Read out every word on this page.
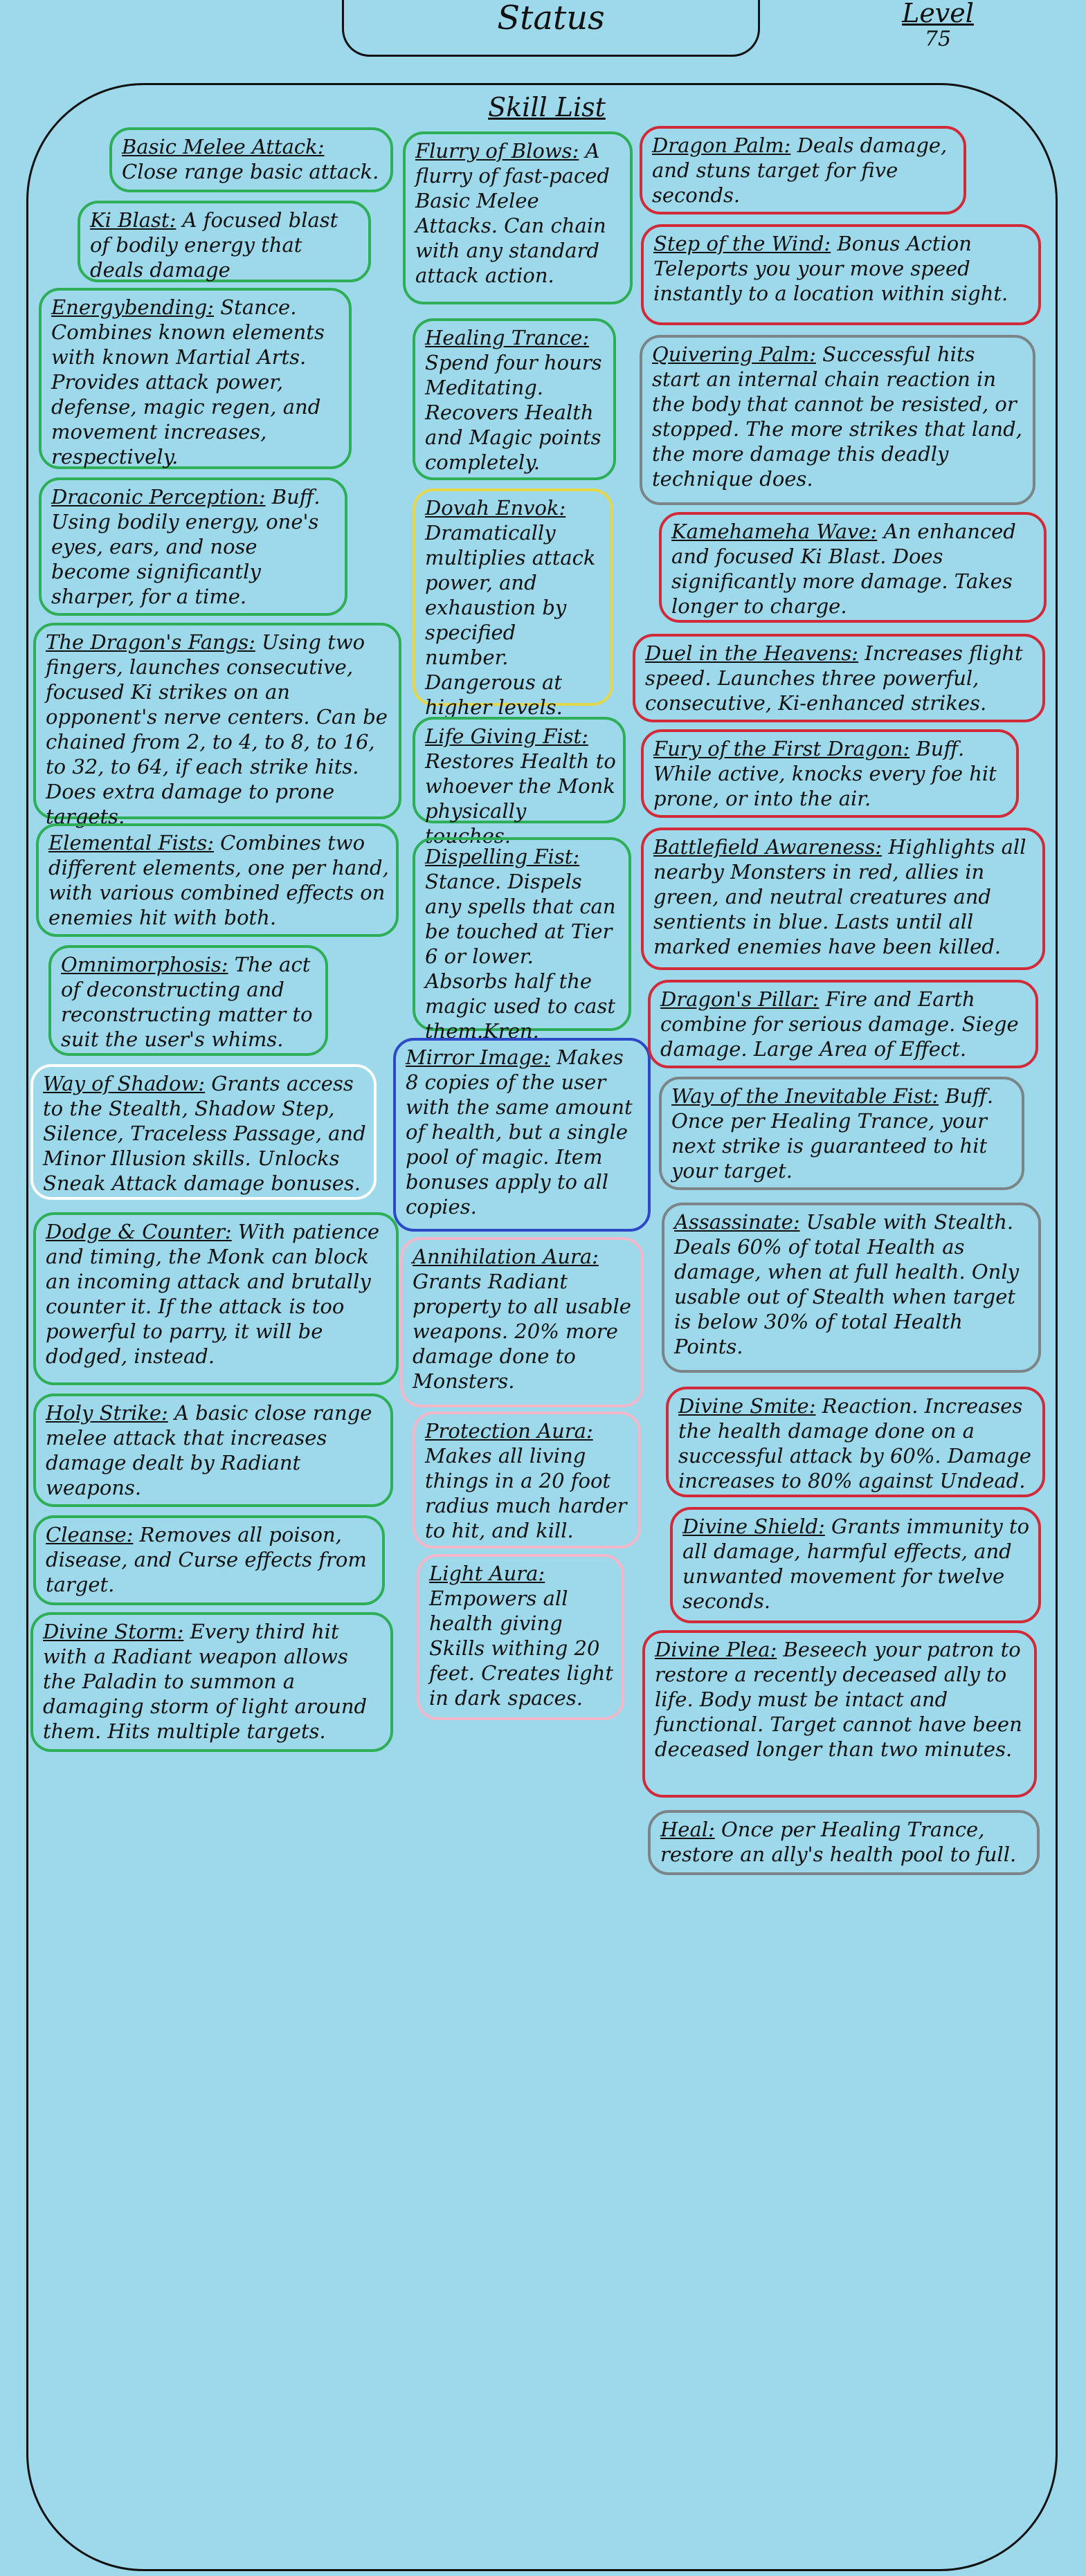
Status	Level
75
Skill List
Basic Melee Attack: Close range basic attack.
Ki Blast: A focused blast of bodily energy that deals damage
Energybending: Stance. Combines known elements with known Martial Arts. Provides attack power, defense, magic regen, and movement increases, respectively.
Draconic Perception: Buff. Using bodily energy, one's eyes, ears, and nose become significantly sharper, for a time.
The Dragon's Fangs: Using two fingers, launches consecutive, focused Ki strikes on an opponent's nerve centers. Can be chained from 2, to 4, to 8, to 16, to 32, to 64, if each strike hits. Does extra damage to prone targets.
Elemental Fists: Combines two different elements, one per hand, with various combined effects on enemies hit with both.
Omnimorphosis: The act of deconstructing and reconstructing matter to suit the user's whims.
Way of Shadow: Grants access to the Stealth, Shadow Step, Silence, Traceless Passage, and Minor Illusion skills. Unlocks Sneak Attack damage bonuses.
Dodge & Counter: With patience and timing, the Monk can block an incoming attack and brutally counter it. If the attack is too powerful to parry, it will be dodged, instead.
Holy Strike: A basic close range melee attack that increases damage dealt by Radiant weapons.
Cleanse: Removes all poison, disease, and Curse effects from target.
Divine Storm: Every third hit with a Radiant weapon allows the Paladin to summon a damaging storm of light around them. Hits multiple targets.
Flurry of Blows: A flurry of fast-paced Basic Melee Attacks. Can chain with any standard attack action.
Healing Trance: Spend four hours Meditating. Recovers Health and Magic points completely.
Dovah Envok: Dramatically multiplies attack power, and exhaustion by specified number. Dangerous at higher levels.
Life Giving Fist: Restores Health to whoever the Monk physically touches.
Dispelling Fist: Stance. Dispels any spells that can be touched at Tier 6 or lower. Absorbs half the magic used to cast them.Kren.
Mirror Image: Makes 8 copies of the user with the same amount of health, but a single pool of magic. Item bonuses apply to all copies.
Annihilation Aura: Grants Radiant property to all usable weapons. 20% more damage done to Monsters.
Protection Aura: Makes all living things in a 20 foot radius much harder to hit, and kill.
Light Aura: Empowers all health giving Skills withing 20 feet. Creates light in dark spaces.
Dragon Palm: Deals damage, and stuns target for five seconds.
Step of the Wind: Bonus Action Teleports you your move speed instantly to a location within sight.
Quivering Palm: Successful hits start an internal chain reaction in the body that cannot be resisted, or stopped. The more strikes that land, the more damage this deadly technique does.
Kamehameha Wave: An enhanced and focused Ki Blast. Does significantly more damage. Takes longer to charge.
Duel in the Heavens: Increases flight speed. Launches three powerful, consecutive, Ki-enhanced strikes.
Fury of the First Dragon: Buff. While active, knocks every foe hit prone, or into the air.
Battlefield Awareness: Highlights all nearby Monsters in red, allies in green, and neutral creatures and sentients in blue. Lasts until all marked enemies have been killed.
Dragon's Pillar: Fire and Earth combine for serious damage. Siege damage. Large Area of Effect.
Way of the Inevitable Fist: Buff. Once per Healing Trance, your next strike is guaranteed to hit your target.
Assassinate: Usable with Stealth. Deals 60% of total Health as damage, when at full health. Only usable out of Stealth when target is below 30% of total Health Points.
Divine Smite: Reaction. Increases the health damage done on a successful attack by 60%. Damage increases to 80% against Undead.
Divine Shield: Grants immunity to all damage, harmful effects, and unwanted movement for twelve seconds.
Divine Plea: Beseech your patron to restore a recently deceased ally to life. Body must be intact and functional. Target cannot have been deceased longer than two minutes.
Heal: Once per Healing Trance, restore an ally's health pool to full.
